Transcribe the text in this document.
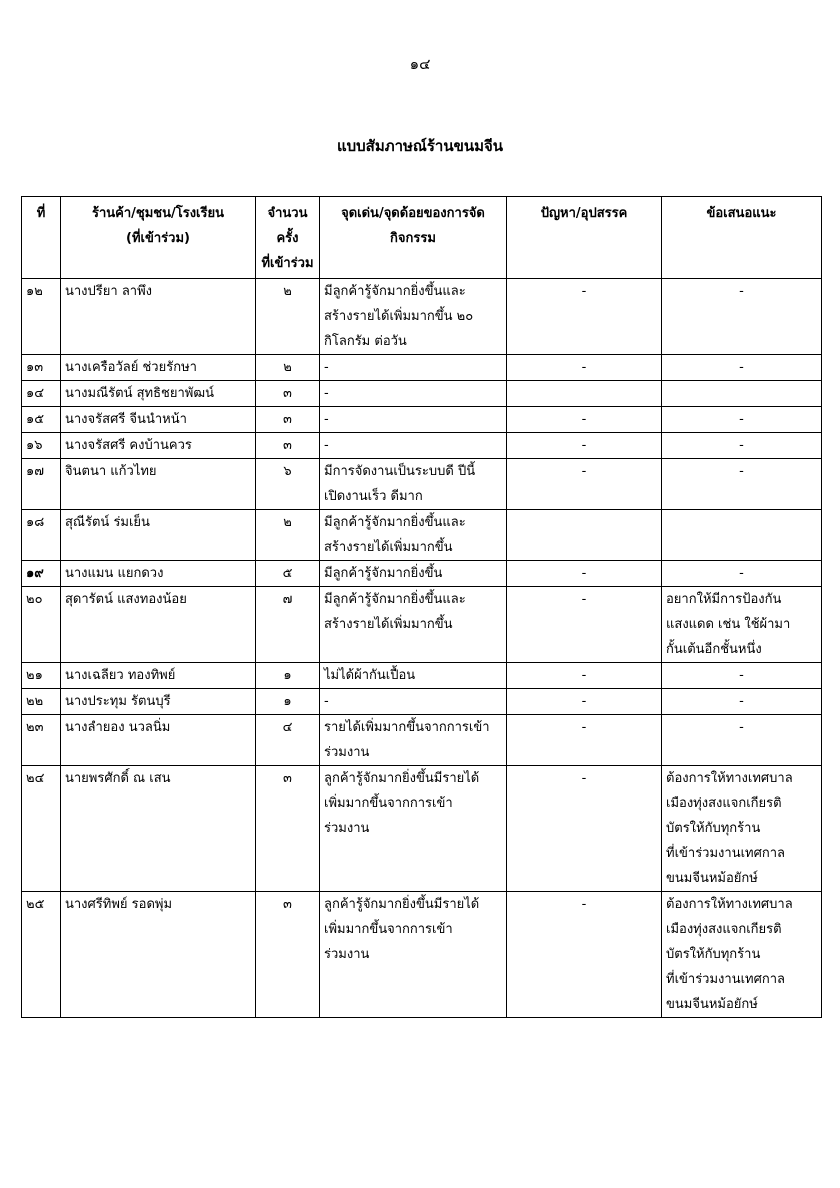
๑๔
แบบสัมภาษณ์ร้านขนมจีน
ที่	ร้านค้า/ชุมชน/โรงเรียน
(ที่เข้าร่วม)	จำนวน
ครั้ง
ที่เข้าร่วม	จุดเด่น/จุดด้อยของการจัด
กิจกรรม	ปัญหา/อุปสรรค	ข้อเสนอแนะ
๑๒	นางปรียา ลาพึง	๒	มีลูกค้ารู้จักมากยิ่งขึ้นและ
สร้างรายได้เพิ่มมากขึ้น ๒๐
กิโลกรัม ต่อวัน	-	-
๑๓	นางเครือวัลย์ ช่วยรักษา	๒	-	-	-
๑๔	นางมณีรัตน์ สุทธิชยาพัฒน์	๓	-		
๑๕	นางจรัสศรี จีนนำหน้า	๓	-	-	-
๑๖	นางจรัสศรี คงบ้านควร	๓	-	-	-
๑๗	จินตนา แก้วไทย	๖	มีการจัดงานเป็นระบบดี ปีนี้
เปิดงานเร็ว ดีมาก	-	-
๑๘	สุณีรัตน์ ร่มเย็น	๒	มีลูกค้ารู้จักมากยิ่งขึ้นและ
สร้างรายได้เพิ่มมากขึ้น		
๑๙	นางแมน แยกดวง	๕	มีลูกค้ารู้จักมากยิ่งขึ้น	-	-
๒๐	สุดารัตน์ แสงทองน้อย	๗	มีลูกค้ารู้จักมากยิ่งขึ้นและ
สร้างรายได้เพิ่มมากขึ้น	-	อยากให้มีการป้องกัน
แสงแดด เช่น ใช้ผ้ามา
กั้นเต้นอีกชั้นหนึ่ง
๒๑	นางเฉลียว ทองทิพย์	๑	ไม่ได้ผ้ากันเปื้อน	-	-
๒๒	นางประทุม รัตนบุรี	๑	-	-	-
๒๓	นางลำยอง นวลนิ่ม	๔	รายได้เพิ่มมากขึ้นจากการเข้า
ร่วมงาน	-	-
๒๔	นายพรศักดิ์ ณ เสน	๓	ลูกค้ารู้จักมากยิ่งขึ้นมีรายได้
เพิ่มมากขึ้นจากการเข้า
ร่วมงาน	-	ต้องการให้ทางเทศบาล
เมืองทุ่งสงแจกเกียรติ
บัตรให้กับทุกร้าน
ที่เข้าร่วมงานเทศกาล
ขนมจีนหม้อยักษ์
๒๕	นางศรีทิพย์ รอดพุ่ม	๓	ลูกค้ารู้จักมากยิ่งขึ้นมีรายได้
เพิ่มมากขึ้นจากการเข้า
ร่วมงาน	-	ต้องการให้ทางเทศบาล
เมืองทุ่งสงแจกเกียรติ
บัตรให้กับทุกร้าน
ที่เข้าร่วมงานเทศกาล
ขนมจีนหม้อยักษ์
